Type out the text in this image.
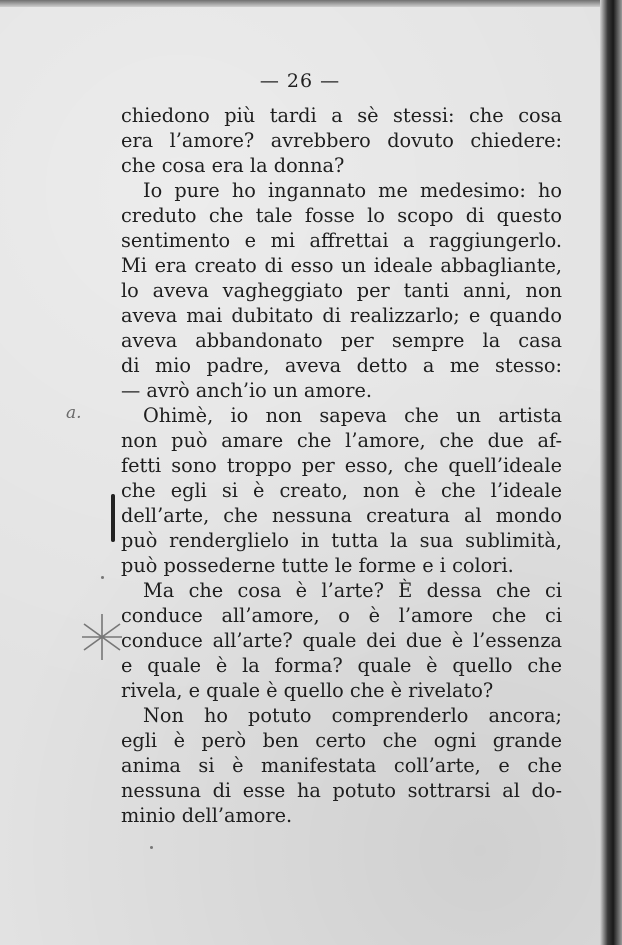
— 26 —
chiedono più tardi a sè stessi: che cosa
era l’amore? avrebbero dovuto chiedere:
che cosa era la donna?
Io pure ho ingannato me medesimo: ho
creduto che tale fosse lo scopo di questo
sentimento e mi affrettai a raggiungerlo.
Mi era creato di esso un ideale abbagliante,
lo aveva vagheggiato per tanti anni, non
aveva mai dubitato di realizzarlo; e quando
aveva abbandonato per sempre la casa
di mio padre, aveva detto a me stesso:
— avrò anch’io un amore.
Ohimè, io non sapeva che un artista
non può amare che l’amore, che due af-
fetti sono troppo per esso, che quell’ideale
che egli si è creato, non è che l’ideale
dell’arte, che nessuna creatura al mondo
può renderglielo in tutta la sua sublimità,
può possederne tutte le forme e i colori.
Ma che cosa è l’arte? È dessa che ci
conduce all’amore, o è l’amore che ci
conduce all’arte? quale dei due è l’essenza
e quale è la forma? quale è quello che
rivela, e quale è quello che è rivelato?
Non ho potuto comprenderlo ancora;
egli è però ben certo che ogni grande
anima si è manifestata coll’arte, e che
nessuna di esse ha potuto sottrarsi al do-
minio dell’amore.
a.
